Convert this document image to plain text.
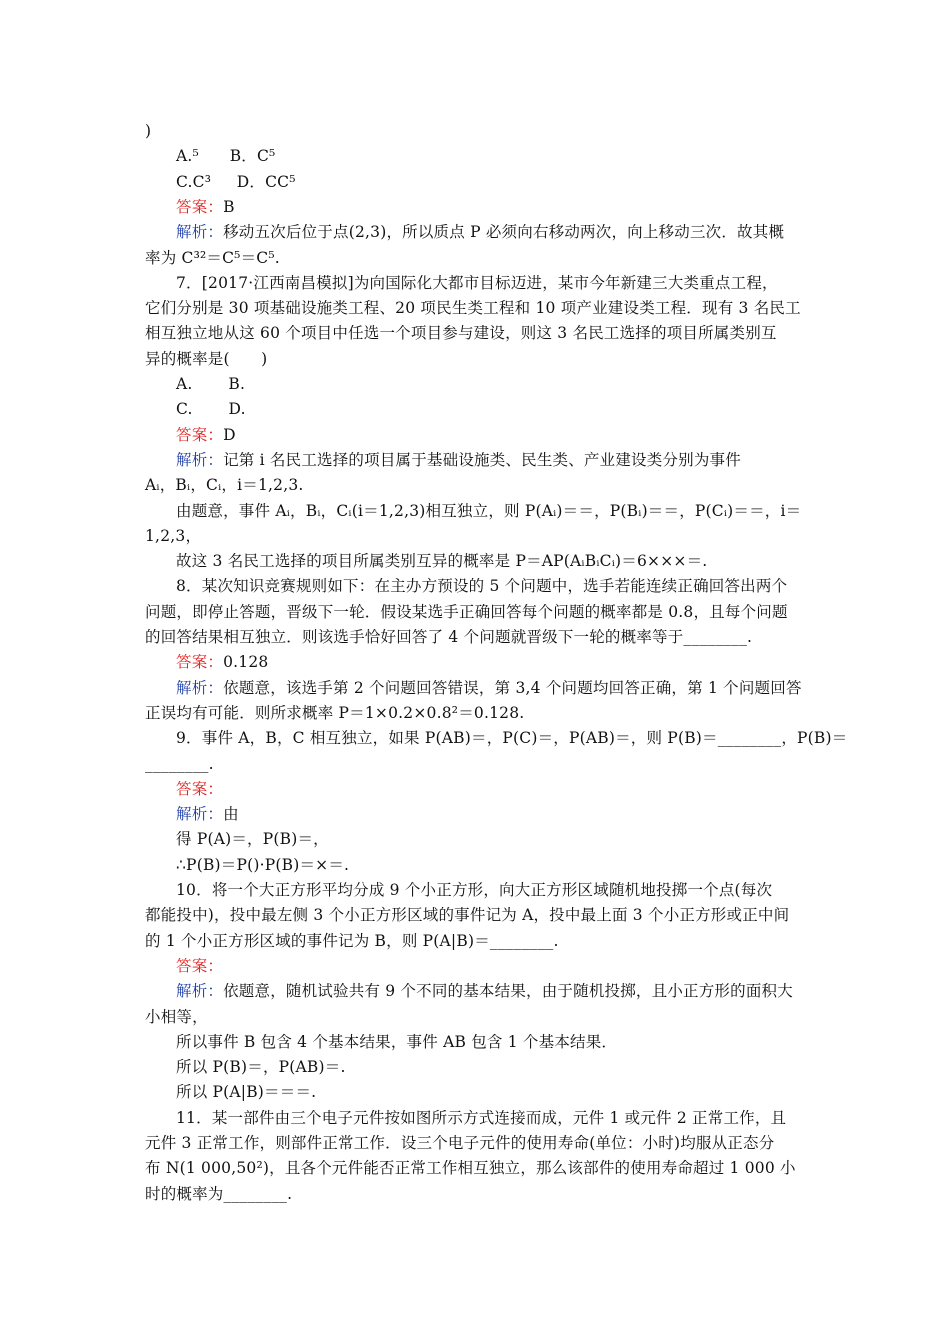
)
A.⁵      B．C⁵
C.C³     D．CC⁵
答案：B
解析：移动五次后位于点(2,3)，所以质点 P 必须向右移动两次，向上移动三次．故其概
率为 C³²＝C⁵＝C⁵.
7．[2017·江西南昌模拟]为向国际化大都市目标迈进，某市今年新建三大类重点工程，
它们分别是 30 项基础设施类工程、20 项民生类工程和 10 项产业建设类工程．现有 3 名民工
相互独立地从这 60 个项目中任选一个项目参与建设，则这 3 名民工选择的项目所属类别互
异的概率是(　　)
A.       B.
C.       D.
答案：D
解析：记第 i 名民工选择的项目属于基础设施类、民生类、产业建设类分别为事件
Aᵢ，Bᵢ，Cᵢ，i＝1,2,3.
由题意，事件 Aᵢ，Bᵢ，Cᵢ(i＝1,2,3)相互独立，则 P(Aᵢ)＝＝，P(Bᵢ)＝＝，P(Cᵢ)＝＝，i＝
1,2,3，
故这 3 名民工选择的项目所属类别互异的概率是 P＝AP(AᵢBᵢCᵢ)＝6×××＝.
8．某次知识竞赛规则如下：在主办方预设的 5 个问题中，选手若能连续正确回答出两个
问题，即停止答题，晋级下一轮．假设某选手正确回答每个问题的概率都是 0.8，且每个问题
的回答结果相互独立．则该选手恰好回答了 4 个问题就晋级下一轮的概率等于________.
答案：0.128
解析：依题意，该选手第 2 个问题回答错误，第 3,4 个问题均回答正确，第 1 个问题回答
正误均有可能．则所求概率 P＝1×0.2×0.8²＝0.128.
9．事件 A，B，C 相互独立，如果 P(AB)＝，P(C)＝，P(AB)＝，则 P(B)＝________，P(B)＝
________.
答案：
解析：由
得 P(A)＝，P(B)＝，
∴P(B)＝P()·P(B)＝×＝.
10．将一个大正方形平均分成 9 个小正方形，向大正方形区域随机地投掷一个点(每次
都能投中)，投中最左侧 3 个小正方形区域的事件记为 A，投中最上面 3 个小正方形或正中间
的 1 个小正方形区域的事件记为 B，则 P(A|B)＝________.
答案：
解析：依题意，随机试验共有 9 个不同的基本结果，由于随机投掷，且小正方形的面积大
小相等，
所以事件 B 包含 4 个基本结果，事件 AB 包含 1 个基本结果．
所以 P(B)＝，P(AB)＝.
所以 P(A|B)＝＝＝.
11．某一部件由三个电子元件按如图所示方式连接而成，元件 1 或元件 2 正常工作，且
元件 3 正常工作，则部件正常工作．设三个电子元件的使用寿命(单位：小时)均服从正态分
布 N(1 000,50²)，且各个元件能否正常工作相互独立，那么该部件的使用寿命超过 1 000 小
时的概率为________.
